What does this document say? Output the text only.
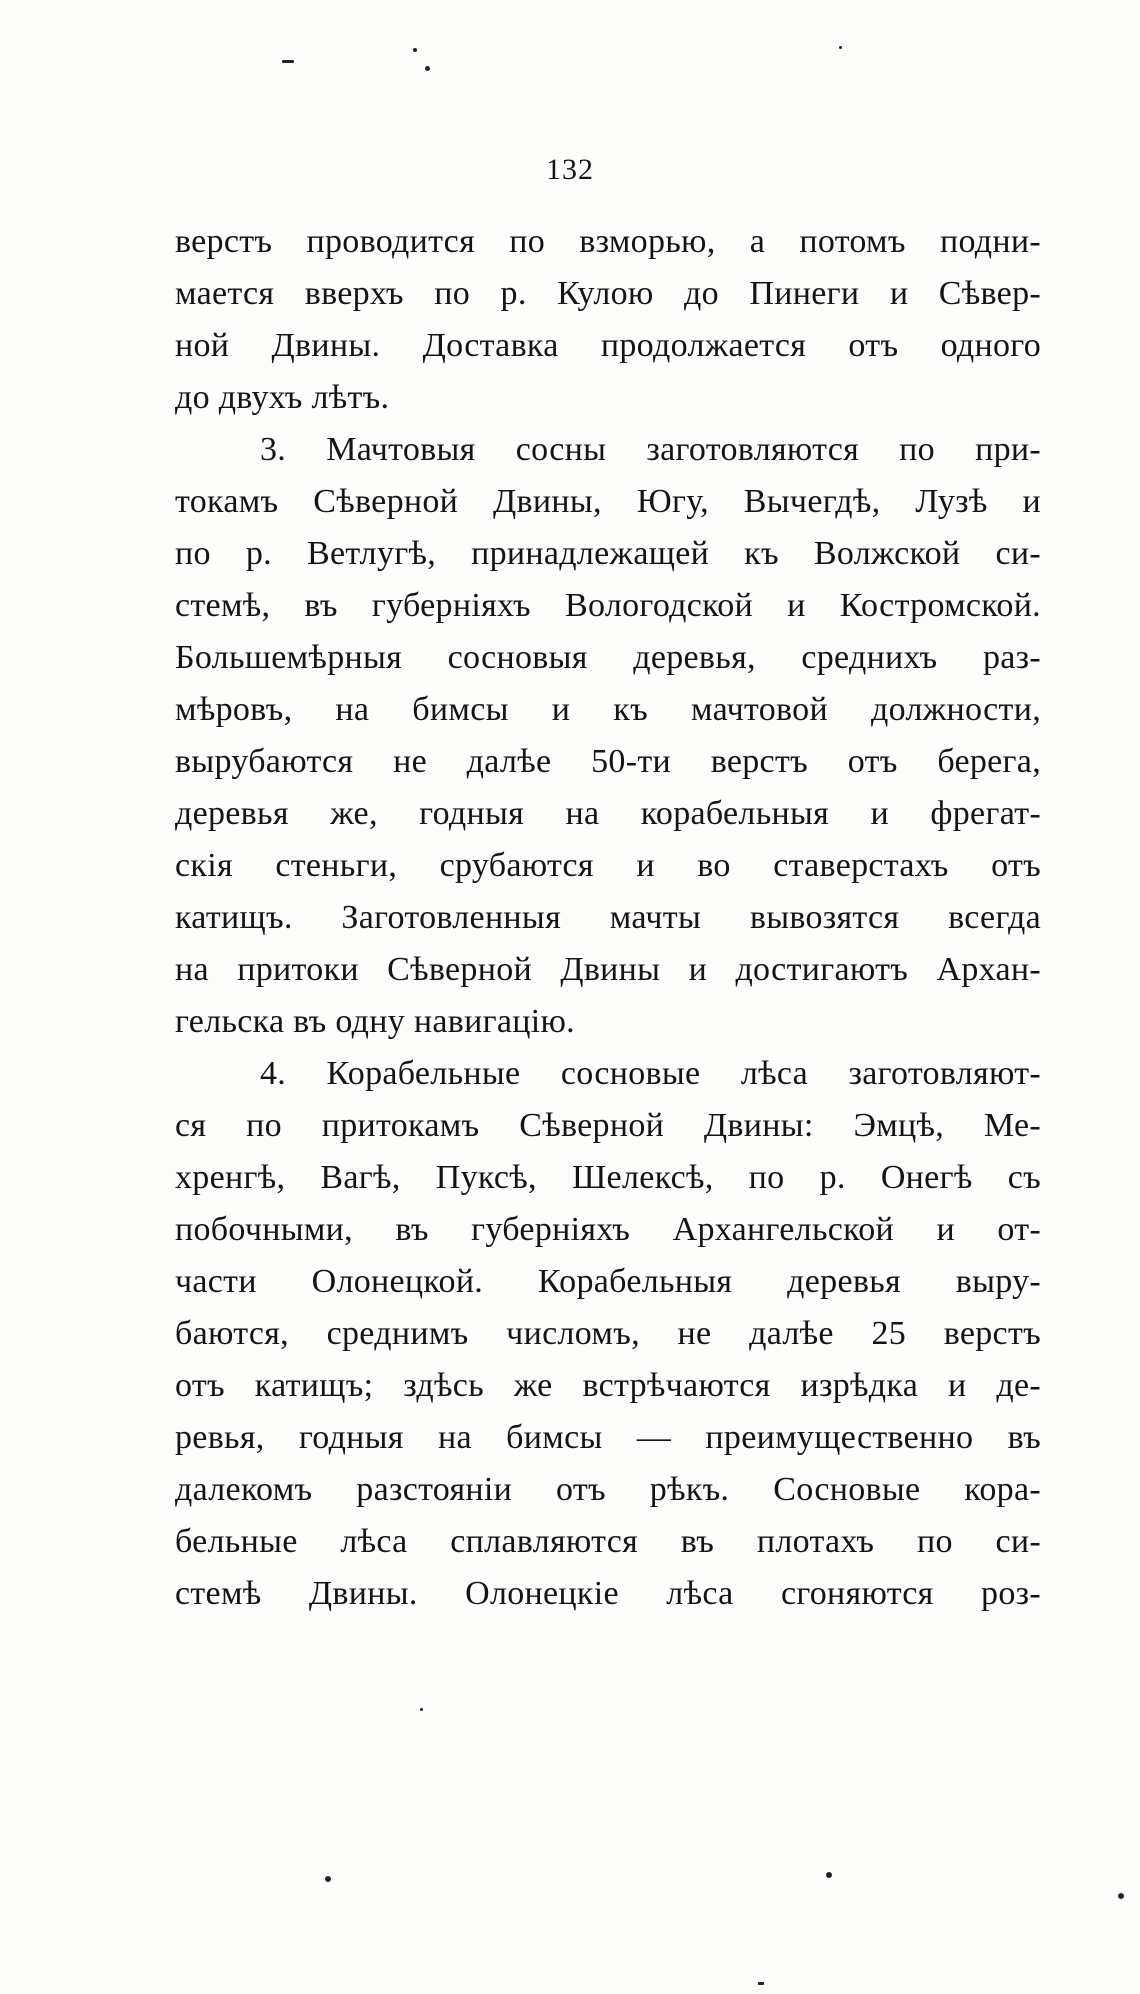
132
верстъ проводится по взморью, а потомъ подни-
мается вверхъ по р. Кулою до Пинеги и Сѣвер-
ной Двины. Доставка продолжается отъ одного
до двухъ лѣтъ.
3. Мачтовыя сосны заготовляются по при-
токамъ Сѣверной Двины, Югу, Вычегдѣ, Лузѣ и
по р. Ветлугѣ, принадлежащей къ Волжской си-
стемѣ, въ губерніяхъ Вологодской и Костромской.
Большемѣрныя сосновыя деревья, среднихъ раз-
мѣровъ, на бимсы и къ мачтовой должности,
вырубаются не далѣе 50-ти верстъ отъ берега,
деревья же, годныя на корабельныя и фрегат-
скія стеньги, срубаются и во ставерстахъ отъ
катищъ. Заготовленныя мачты вывозятся всегда
на притоки Сѣверной Двины и достигаютъ Архан-
гельска въ одну навигацію.
4. Корабельные сосновые лѣса заготовляют-
ся по притокамъ Сѣверной Двины: Эмцѣ, Ме-
хренгѣ, Вагѣ, Пуксѣ, Шелексѣ, по р. Онегѣ съ
побочными, въ губерніяхъ Архангельской и от-
части Олонецкой. Корабельныя деревья выру-
баются, среднимъ числомъ, не далѣе 25 верстъ
отъ катищъ; здѣсь же встрѣчаются изрѣдка и де-
ревья, годныя на бимсы — преимущественно въ
далекомъ разстояніи отъ рѣкъ. Сосновые кора-
бельные лѣса сплавляются въ плотахъ по си-
стемѣ Двины. Олонецкіе лѣса сгоняются роз-
